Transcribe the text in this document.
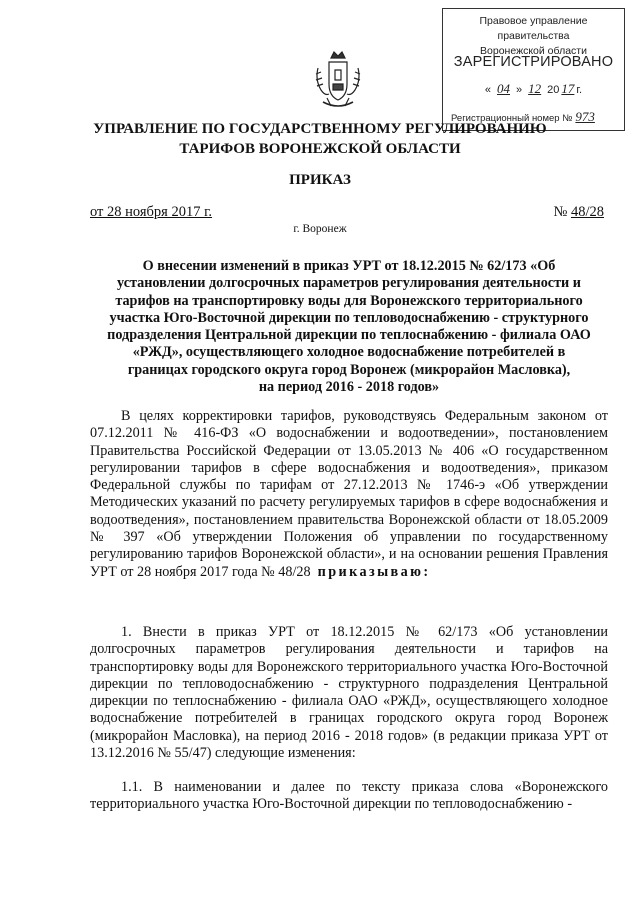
Правовое управление правительства
Воронежской области
ЗАРЕГИСТРИРОВАНО
« 04 » 12 20 17 г.
Регистрационный номер № 973
УПРАВЛЕНИЕ ПО ГОСУДАРСТВЕННОМУ РЕГУЛИРОВАНИЮ
ТАРИФОВ ВОРОНЕЖСКОЙ ОБЛАСТИ
ПРИКАЗ
от 28 ноября 2017 г.	№ 48/28
г. Воронеж
О внесении изменений в приказ УРТ от 18.12.2015 № 62/173 «Об
установлении долгосрочных параметров регулирования деятельности и
тарифов на транспортировку воды для Воронежского территориального
участка Юго-Восточной дирекции по тепловодоснабжению - структурного
подразделения Центральной дирекции по теплоснабжению - филиала ОАО
«РЖД», осуществляющего холодное водоснабжение потребителей в
границах городского округа город Воронеж (микрорайон Масловка),
на период 2016 - 2018 годов»

В целях корректировки тарифов, руководствуясь Федеральным законом от 07.12.2011 № 416-ФЗ «О водоснабжении и водоотведении», постановлением Правительства Российской Федерации от 13.05.2013 № 406 «О государственном регулировании тарифов в сфере водоснабжения и водоотведения», приказом Федеральной службы по тарифам от 27.12.2013 № 1746-э «Об утверждении Методических указаний по расчету регулируемых тарифов в сфере водоснабжения и водоотведения», постановлением правительства Воронежской области от 18.05.2009 № 397 «Об утверждении Положения об управлении по государственному регулированию тарифов Воронежской области», и на основании решения Правления УРТ от 28 ноября 2017 года № 48/28 приказываю:

1. Внести в приказ УРТ от 18.12.2015 № 62/173 «Об установлении долгосрочных параметров регулирования деятельности и тарифов на транспортировку воды для Воронежского территориального участка Юго-Восточной дирекции по тепловодоснабжению - структурного подразделения Центральной дирекции по теплоснабжению - филиала ОАО «РЖД», осуществляющего холодное водоснабжение потребителей в границах городского округа город Воронеж (микрорайон Масловка), на период 2016 - 2018 годов» (в редакции приказа УРТ от 13.12.2016 № 55/47) следующие изменения:

1.1. В наименовании и далее по тексту приказа слова «Воронежского территориального участка Юго-Восточной дирекции по тепловодоснабжению -
